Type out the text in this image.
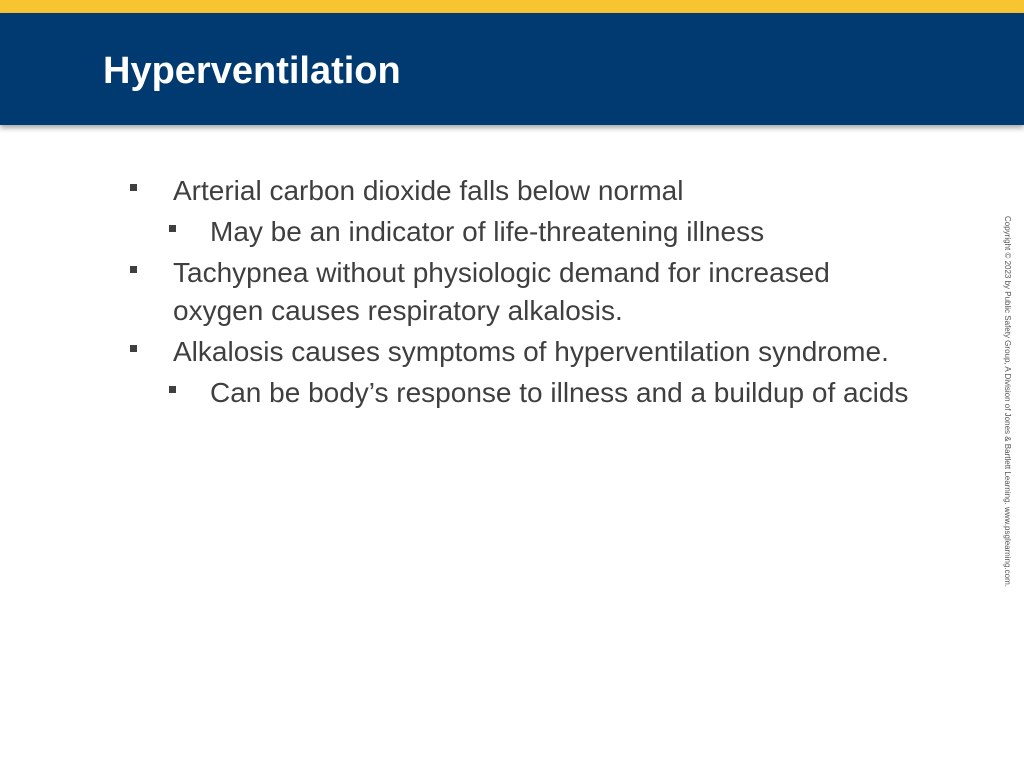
Hyperventilation
Arterial carbon dioxide falls below normal
May be an indicator of life-threatening illness
Tachypnea without physiologic demand for increased oxygen causes respiratory alkalosis.
Alkalosis causes symptoms of hyperventilation syndrome.
Can be body’s response to illness and a buildup of acids	Copyright © 2023 by Public Safety Group, A Division of Jones & Bartlett Learning. www.psglearning.com.
